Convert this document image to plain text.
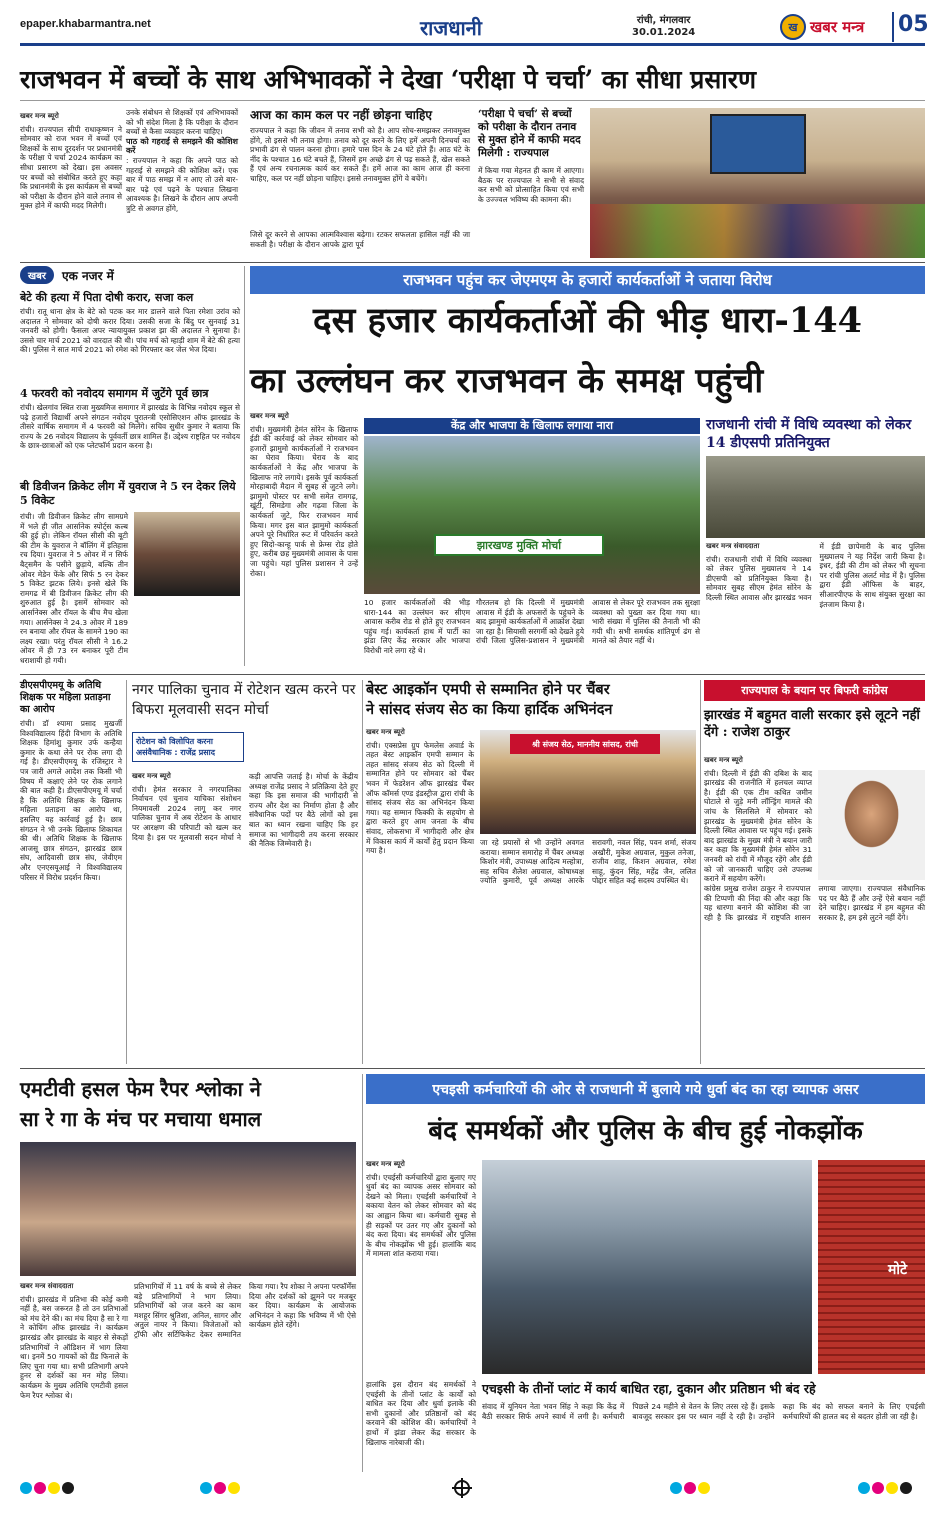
epaper.khabarmantra.net	राजधानी	रांची, मंगलवार
30.01.2024	ख खबर मन्त्र 05
राजभवन में बच्चों के साथ अभिभावकों ने देखा ‘परीक्षा पे चर्चा’ का सीधा प्रसारण
खबर मन्त्र ब्यूरो
रांची। राज्यपाल सीपी राधाकृष्णन ने सोमवार को राज भवन में बच्चों एवं शिक्षकों के साथ दूरदर्शन पर प्रधानमंत्री के परीक्षा पे चर्चा 2024 कार्यक्रम का सीधा प्रसारण को देखा। इस अवसर पर बच्चों को संबोधित करते हुए कहा कि प्रधानमंत्री के इस कार्यक्रम से बच्चों को परीक्षा के दौरान होने वाले तनाव से मुक्त होने में काफी मदद मिलेगी।
उनके संबोधन से शिक्षकों एवं अभिभावकों को भी संदेश मिला है कि परीक्षा के दौरान बच्चों से कैसा व्यवहार करना चाहिए।
पाठ को गहराई से समझने की कोशिश करें
: राज्यपाल ने कहा कि अपने पाठ को गहराई से समझने की कोशिश करें। एक बार में पाठ समझ में न आए तो उसे बार-बार पढ़े एवं पढ़ने के पश्चात लिखना आवश्यक है। लिखने के दौरान आप अपनी त्रुटि से अवगत होंगे,
आज का काम कल पर नहीं छोड़ना चाहिए
राज्यपाल ने कहा कि जीवन में तनाव सभी को है। आप सोच-समझकर तनावमुक्त होंगे, तो इससे भी तनाव होगा। तनाव को दूर करने के लिए हमें अपनी दिनचर्या का प्रभावी ढंग से पालन करना होगा। हमारे पास दिन के 24 घंटे होते हैं। आठ घंटे के नींद के पश्चात 16 घंटे बचते हैं, जिसमें हम अच्छे ढंग से पढ़ सकते हैं, खेल सकते हैं एवं अन्य रचनात्मक कार्य कर सकते हैं। हमें आज का काम आज ही करना चाहिए, कल पर नहीं छोड़ना चाहिए। इससे तनावमुक्त होंगे वे बचेंगे।
जिसे दूर करने से आपका आत्मविश्वास बढ़ेगा। रटकर सफलता हासिल नहीं की जा सकती है। परीक्षा के दौरान आपके द्वारा पूर्व
‘परीक्षा पे चर्चा’ से बच्चों को परीक्षा के दौरान तनाव से मुक्त होने में काफी मदद मिलेगी : राज्यपाल
में किया गया मेहनत ही काम में आएगा। बैठक पर राज्यपाल ने सभी से संवाद कर सभी को प्रोत्साहित किया एवं सभी के उज्ज्वल भविष्य की कामना की।
खबर	एक नजर में
बेटे की हत्या में पिता दोषी करार, सजा कल
रांची। रातू थाना क्षेत्र के बेटे को पटक कर मार डालने वाले पिता रमेशा उरांव को अदालत ने सोमवार को दोषी करार दिया। उसकी सजा के बिंदु पर सुनवाई 31 जनवरी को होगी। फैसला अपर न्यायायुक्त प्रकाश झा की अदालत ने सुनाया है। उससे चार मार्च 2021 को वारदात की थी। पांच मर्च को म्हाड़ी शाम में बेटे की हत्या की। पुलिस ने सात मार्च 2021 को रमेश को गिरफ्तार कर जेल भेज दिया।
4 फरवरी को नवोदय समागम में जुटेंगे पूर्व छात्र
रांची। खेलगांव स्थित राजा मुख्यमिज समागार में झारखंड के विभिन्न नवोदय स्कूल से पढ़े हजारों विद्यार्थी अपने संगठन नवोदय पुरातन्त्री एसोसिएशन ऑफ झारखंड के तीसरे वार्षिक समागम में 4 फरवरी को मिलेंगे। सचिव सुधीर कुमार ने बताया कि राज्य के 26 नवोदय विद्यालय के पूर्ववर्ती छात्र शामिल हैं। उद्देश्य राष्ट्रहित पर नवोदय के छात्र-छात्राओं को एक प्लेटफॉर्म प्रदान करना है।
बी डिवीजन क्रिकेट लीग में युवराज ने 5 रन देकर लिये 5 विकेट
रांची। जी डिवीजन क्रिकेट लीग सामग्रमे में भले ही जीत आर्सानेक स्पोर्ट्स कल्ब की हुई हो। लेकिन रॉयल सीसी की बूटी की टीम के युवराज ने बॉलिंग में इतिहास रच दिया। युवराज ने 5 ओवर में न सिर्फ बैट्समैन के पसीने छुड़ाये, बल्कि तीन ओवर मेडेन फेंके और सिर्फ 5 रन देकर 5 विकेट झटक लिये। इनसे खेले कि रामगढ में बी डिवीजन क्रिकेट लीग की शुरुआत हुई है। इसमें सोमवार को आर्सानेक्स और रॉयल के बीच मैच खेला गया। आर्सनेक्स ने 24.3 ओवर में 189 रन बनाया और रॉयल के सामने 190 का लक्ष्य रखा। परंतु रॉयल सीसी ने 16.2 ओवर में ही 73 रन बनाकर पूरी टीम धराशायी हो गयी।
राजभवन पहुंच कर जेएमएम के हजारों कार्यकर्ताओं ने जताया विरोध
दस हजार कार्यकर्ताओं की भीड़ धारा-144
का उल्लंघन कर राजभवन के समक्ष पहुंची
खबर मन्त्र ब्यूरो
रांची। मुख्यमंत्री हेमंत सोरेन के खिलाफ ईडी की कार्रवाई को लेकर सोमवार को हजारों झामुमो कार्यकर्ताओं ने राजभवन का घेराव किया। घेराव के बाद कार्यकर्ताओं ने केंद्र और भाजपा के खिलाफ नारे लगाये। इसके पूर्व कार्यकर्ता मोरहाबादी मैदान में सुबह से जुटने लगे। झामुमो पोस्टर पर सभी समेत रामगढ़, खूंटी, सिमडेगा और गढ़वा जिला के कार्यकर्ता जुटे, फिर राजभवन मार्च किया। मगर इस बात झामुमो कार्यकर्ता अपने पूरे निर्धारित रूट में परिवर्तन करते हुए सिदो-कान्हू पार्क से फ्रेम्स रोड होते हुए, करीब छह मुख्यमंत्री आवास के पास जा पहुंचे। यहां पुलिस प्रशासन ने उन्हें रोका।
केंद्र और भाजपा के खिलाफ लगाया नारा
झारखण्ड मुक्ति मोर्चा
10 हजार कार्यकर्ताओं की भीड़ धारा-144 का उल्लंघन कर सीएम आवास करीब रोड से होते हुए राजभवन पहुंच गई। कार्यकर्ता हाथ में पार्टी का झंडा लिए केंद्र सरकार और भाजपा विरोधी नारे लगा रहे थे।
गौरतलब हो कि दिल्ली में मुख्यमंत्री आवास में ईडी के अफसरों के पहुंचने के बाद झामुमो कार्यकर्ताओं में आक्रोश देखा जा रहा है। सियासी सरगर्मी को देखते हुये रांची जिला पुलिस-प्रशासन ने मुख्यमंत्री आवास से लेकर पूरे राजभवन तक सुरक्षा व्यवस्था को पुख्ता कर दिया गया था। भारी संख्या में पुलिस की तैनाती भी की गयी थी। सभी समर्थक शांतिपूर्ण ढंग से मानते को तैयार नहीं थे।
राजधानी रांची में विधि व्यवस्था को लेकर 14 डीएसपी प्रतिनियुक्त
खबर मन्त्र संवाददाता
रांची। राजधानी रांची में विधि व्यवस्था को लेकर पुलिस मुख्यालय ने 14 डीएसपी को प्रतिनियुक्त किया है। सोमवार सुबह सीएम हेमंत सोरेन के दिल्ली स्थित आवास और झारखंड भवन में ईडी छापेमारी के बाद पुलिस मुख्यालय ने यह निर्देश जारी किया है। इधर, ईडी की टीम को लेकर भी सूचना पर रांची पुलिस अलर्ट मोड में है। पुलिस द्वारा ईडी ऑफिस के बाहर, सीआरपीएफ के साथ संयुक्त सुरक्षा का इंतजाम किया है।
डीएसपीएमयू के अतिथि शिक्षक पर महिला प्रताड़ना का आरोप
रांची। डॉ श्यामा प्रसाद मुखर्जी विश्वविद्यालय हिंदी विभाग के अतिथि शिक्षक हिमांशु कुमार उर्फ कन्हैया कुमार के कथा लेने पर रोक लगा दी गई है। डीएसपीएमयू के रजिस्ट्रार ने पत्र जारी अगले आदेश तक किसी भी विषय में कक्षाएं लेने पर रोक लगाने की बात कही है। डीएसपीएमयू में चर्चा है कि अतिथि शिक्षक के खिलाफ महिला प्रताड़ना का आरोप था, इसलिए यह कार्रवाई हुई है। छात्र संगठन ने भी उनके खिलाफ शिकायत की थी। अतिथि शिक्षक के खिलाफ आजसू छात्र संगठन, झारखंड छात्र संघ, आदिवासी छात्र संघ, जेवीएम और एनएसयूआई ने विश्वविद्यालय परिसर में विरोध प्रदर्शन किया।
नगर पालिका चुनाव में रोटेशन खत्म करने पर बिफरा मूलवासी सदन मोर्चा
रोटेशन को विलोपित करना असंवैधानिक : राजेंद्र प्रसाद
खबर मन्त्र ब्यूरो
रांची। हेमंत सरकार ने नगरपालिका निर्वाचन एवं चुनाव याचिका संशोधन नियमावली 2024 लागू कर नगर पालिका चुनाव में अब रोटेशन के आधार पर आरक्षण की परिपाटी को खत्म कर दिया है। इस पर मूलवासी सदन मोर्चा ने कड़ी आपत्ति जताई है। मोर्चा के केंद्रीय अध्यक्ष राजेंद्र प्रसाद ने प्रतिक्रिया देते हुए कहा कि इस समाज की भागीदारी से राज्य और देश का निर्माण होता है और संवैधानिक पदों पर बैठे लोगों को इस बात का ध्यान रखना चाहिए कि हर समाज का भागीदारी तय करना सरकार की नैतिक जिम्मेवारी है।
बेस्ट आइकॉन एमपी से सम्मानित होने पर चैंबर
ने सांसद संजय सेठ का किया हार्दिक अभिनंदन
खबर मन्त्र ब्यूरो
रांची। एक्सप्रेस ग्रुप फेमलेस अवार्ड के तहत बेस्ट आइकॉन एमपी सम्मान के तहत सांसद संजय सेठ को दिल्ली में सम्मानित होने पर सोमवार को चैंबर भवन में फेडरेशन ऑफ झारखंड चैंबर ऑफ कॉमर्स एण्ड इंडस्ट्रीज द्वारा रांची के सांसद संजय सेठ का अभिनंदन किया गया। यह सम्मान फिक्की के सहयोग से द्वारा करते हुए आम जनता के बीच संवाद, लोकसभा में भागीदारी और क्षेत्र में विकास कार्य में कार्यों हेतु प्रदान किया गया है।
श्री संजय सेठ, माननीय सांसद, रांची
जा रहे प्रयासों से भी उन्होंने अवगत कराया। सम्मान समारोह में चैंबर अध्यक्ष किशोर मंत्री, उपाध्यक्ष आदित्य मल्होत्रा, सह सचिव शैलेश अग्रवाल, कोषाध्यक्ष ज्योति कुमारी, पूर्व अध्यक्ष आरके सरावगी, नवल सिंह, पवन शर्मा, संजय अखौरी, मुकेश अग्रवाल, मुकुल तनेजा, राजीव शाह, किशन अग्रवाल, रमेश साहू, कुंदन सिंह, महेंद्र जैन, ललित पोद्दार सहित कई सदस्य उपस्थित थे।
राज्यपाल के बयान पर बिफरी कांग्रेस
झारखंड में बहुमत वाली सरकार इसे लूटने नहीं देंगे : राजेश ठाकुर
खबर मन्त्र ब्यूरो
रांची। दिल्ली में ईडी की दबिश के बाद झारखंड की राजनीति में हलचल व्याप्त है। ईडी की एक टीम कथित जमीन घोटाले से जुड़े मनी लॉन्ड्रिंग मामले की जांच के सिलसिले में सोमवार को झारखंड के मुख्यमंत्री हेमंत सोरेन के दिल्ली स्थित आवास पर पहुंच गई। इसके बाद झारखंड के मुख्य मंत्री ने बयान जारी कर कहा कि मुख्यमंत्री हेमंत सोरेन 31 जनवरी को रांची में मौजूद रहेंगे और ईडी को जो जानकारी चाहिए उसे उपलब्ध कराने में सहयोग करेंगे।
कांग्रेस प्रमुख राजेश ठाकुर ने राज्यपाल की टिप्पणी की निंदा की और कहा कि यह धारणा बनाने की कोशिश की जा रही है कि झारखंड में राष्ट्रपति शासन लगाया जाएगा। राज्यपाल संवैधानिक पद पर बैठे हैं और उन्हें ऐसे बयान नहीं देने चाहिए। झारखंड में हम बहुमत की सरकार है, हम इसे लुटने नहीं देंगे।
एमटीवी हसल फेम रैपर श्लोका ने
सा रे गा के मंच पर मचाया धमाल
खबर मन्त्र संवाददाता
रांची। झारखंड में प्रतिभा की कोई कमी नहीं है, बस जरूरत है तो उन प्रतिभाओं को मंच देने की। का मंच दिया है सा रे गा ने कोचिंग ऑफ झारखंड ने। कार्यक्रम झारखंड और झारखंड के बाहर से सेकड़ों प्रतिभागियों ने ऑडिशन में भाग लिया था। इनमें 50 गायकों को ग्रैंड फिनाले के लिए चुना गया था। सभी प्रतिभागी अपने हुनर से दर्शकों का मन मोह लिया। कार्यक्रम के मुख्य अतिथि एमटीवी हसल फेम रैपर श्लोका थे।
प्रतिभागियों में 11 वर्ष के बच्चे से लेकर बड़े प्रतिभागियों ने भाग लिया। प्रतिभागियों को जज करने का काम मशहूर सिंगर श्रुतिशा, अनिल, सागर और अतुल नायर ने किया। विजेताओं को ट्रॉफी और सर्टिफिकेट देकर सम्मानित किया गया। रैप शोका ने अपना परफॉर्मेंस दिया और दर्शकों को झूमने पर मजबूर कर दिया। कार्यक्रम के आयोजक अभिनंदन ने कहा कि भविष्य में भी ऐसे कार्यक्रम होते रहेंगे।
एचइसी कर्मचारियों की ओर से राजधानी में बुलाये गये धुर्वा बंद का रहा व्यापक असर
बंद समर्थकों और पुलिस के बीच हुई नोकझोंक
खबर मन्त्र ब्यूरो
रांची। एचईसी कर्मचारियों द्वारा बुलाए गए धुर्वा बंद का व्यापक असर सोमवार को देखने को मिला। एचईसी कर्मचारियों ने बकाया वेतन को लेकर सोमवार को बंद का आह्वान किया था। कर्मचारी सुबह से ही सड़कों पर उतर गए और दुकानों को बंद करा दिया। बंद समर्थकों और पुलिस के बीच नोकझोंक भी हुई। हालांकि बाद में मामला शांत कराया गया।
मोटे
एचइसी के तीनों प्लांट में कार्य बाधित रहा, दुकान और प्रतिष्ठान भी बंद रहे
हालांकि इस दौरान बंद समर्थकों ने एचईसी के तीनों प्लांट के कार्यों को बाधित कर दिया और धुर्वा इलाके की सभी दुकानों और प्रतिष्ठानों को बंद करवाने की कोशिश की। कर्मचारियों ने हाथों में झंडा लेकर केंद्र सरकार के खिलाफ नारेबाजी की।
संवाद में यूनियन नेता भवन सिंह ने कहा कि केंद्र में बैठी सरकार सिर्फ अपने स्वार्थ में लगी है। कर्मचारी पिछले 24 महीने से वेतन के लिए तरस रहे हैं। इसके बावजूद सरकार इस पर ध्यान नहीं दे रही है। उन्होंने कहा कि बंद को सफल बनाने के लिए एचईसी कर्मचारियों की हालत बद से बदतर होती जा रही है।
